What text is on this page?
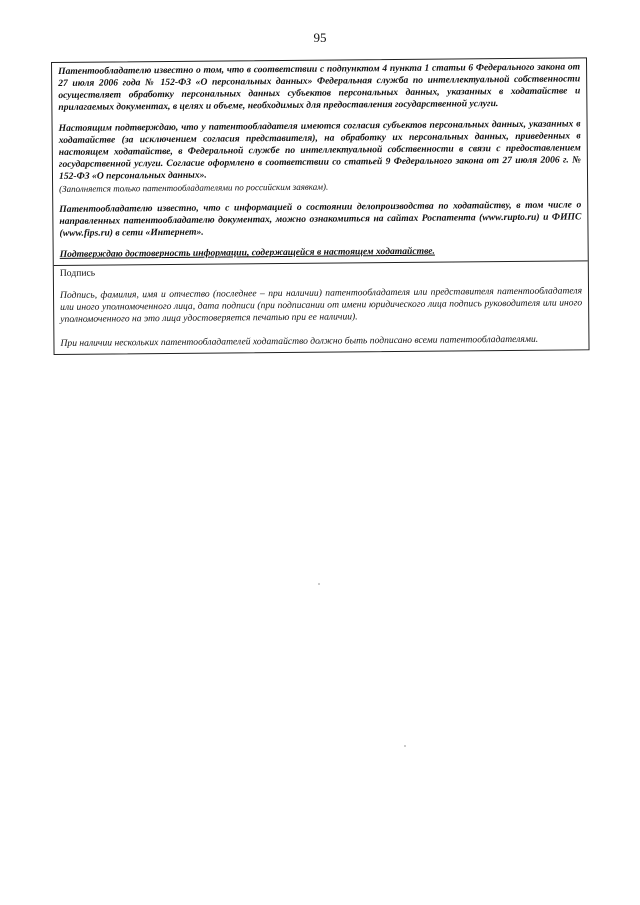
95

Патентообладателю известно о том, что в соответствии с подпунктом 4 пункта 1 статьи 6 Федерального закона от 27 июля 2006 года № 152-ФЗ «О персональных данных» Федеральная служба по интеллектуальной собственности осуществляет обработку персональных данных субъектов персональных данных, указанных в ходатайстве и прилагаемых документах, в целях и объеме, необходимых для предоставления государственной услуги.

Настоящим подтверждаю, что у патентообладателя имеются согласия субъектов персональных данных, указанных в ходатайстве (за исключением согласия представителя), на обработку их персональных данных, приведенных в настоящем ходатайстве, в Федеральной службе по интеллектуальной собственности в связи с предоставлением государственной услуги. Согласие оформлено в соответствии со статьей 9 Федерального закона от 27 июля 2006 г. № 152-ФЗ «О персональных данных».

(Заполняется только патентообладателями по российским заявкам).

Патентообладателю известно, что с информацией о состоянии делопроизводства по ходатайству, в том числе о направленных патентообладателю документах, можно ознакомиться на сайтах Роспатента (www.rupto.ru) и ФИПС (www.fips.ru) в сети «Интернет».

Подтверждаю достоверность информации, содержащейся в настоящем ходатайстве.

Подпись
Подпись, фамилия, имя и отчество (последнее – при наличии) патентообладателя или представителя патентообладателя или иного уполномоченного лица, дата подписи (при подписании от имени юридического лица подпись руководителя или иного уполномоченного на это лица удостоверяется печатью при ее наличии).
При наличии нескольких патентообладателей ходатайство должно быть подписано всеми патентообладателями.
